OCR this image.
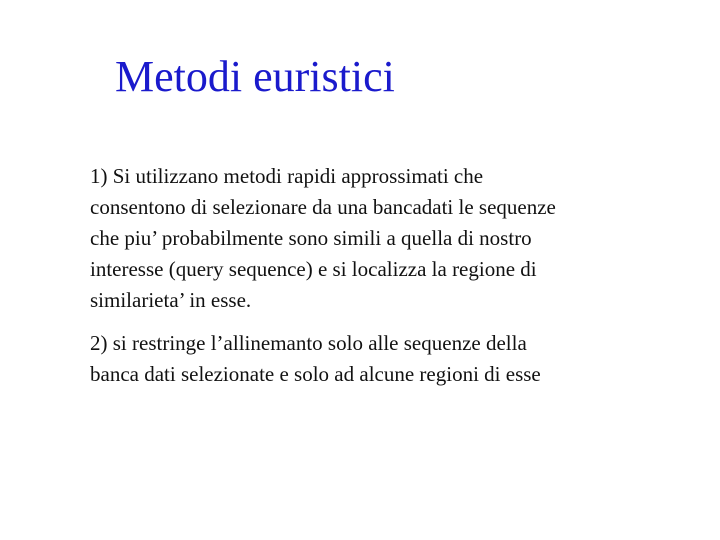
Metodi euristici

1) Si utilizzano metodi rapidi approssimati che
consentono di selezionare da una bancadati le sequenze
che piu’ probabilmente sono simili a quella di nostro
interesse (query sequence) e si localizza la regione di
similarieta’ in esse.

2) si restringe l’allinemanto solo alle sequenze della
banca dati selezionate e solo ad alcune regioni di esse
